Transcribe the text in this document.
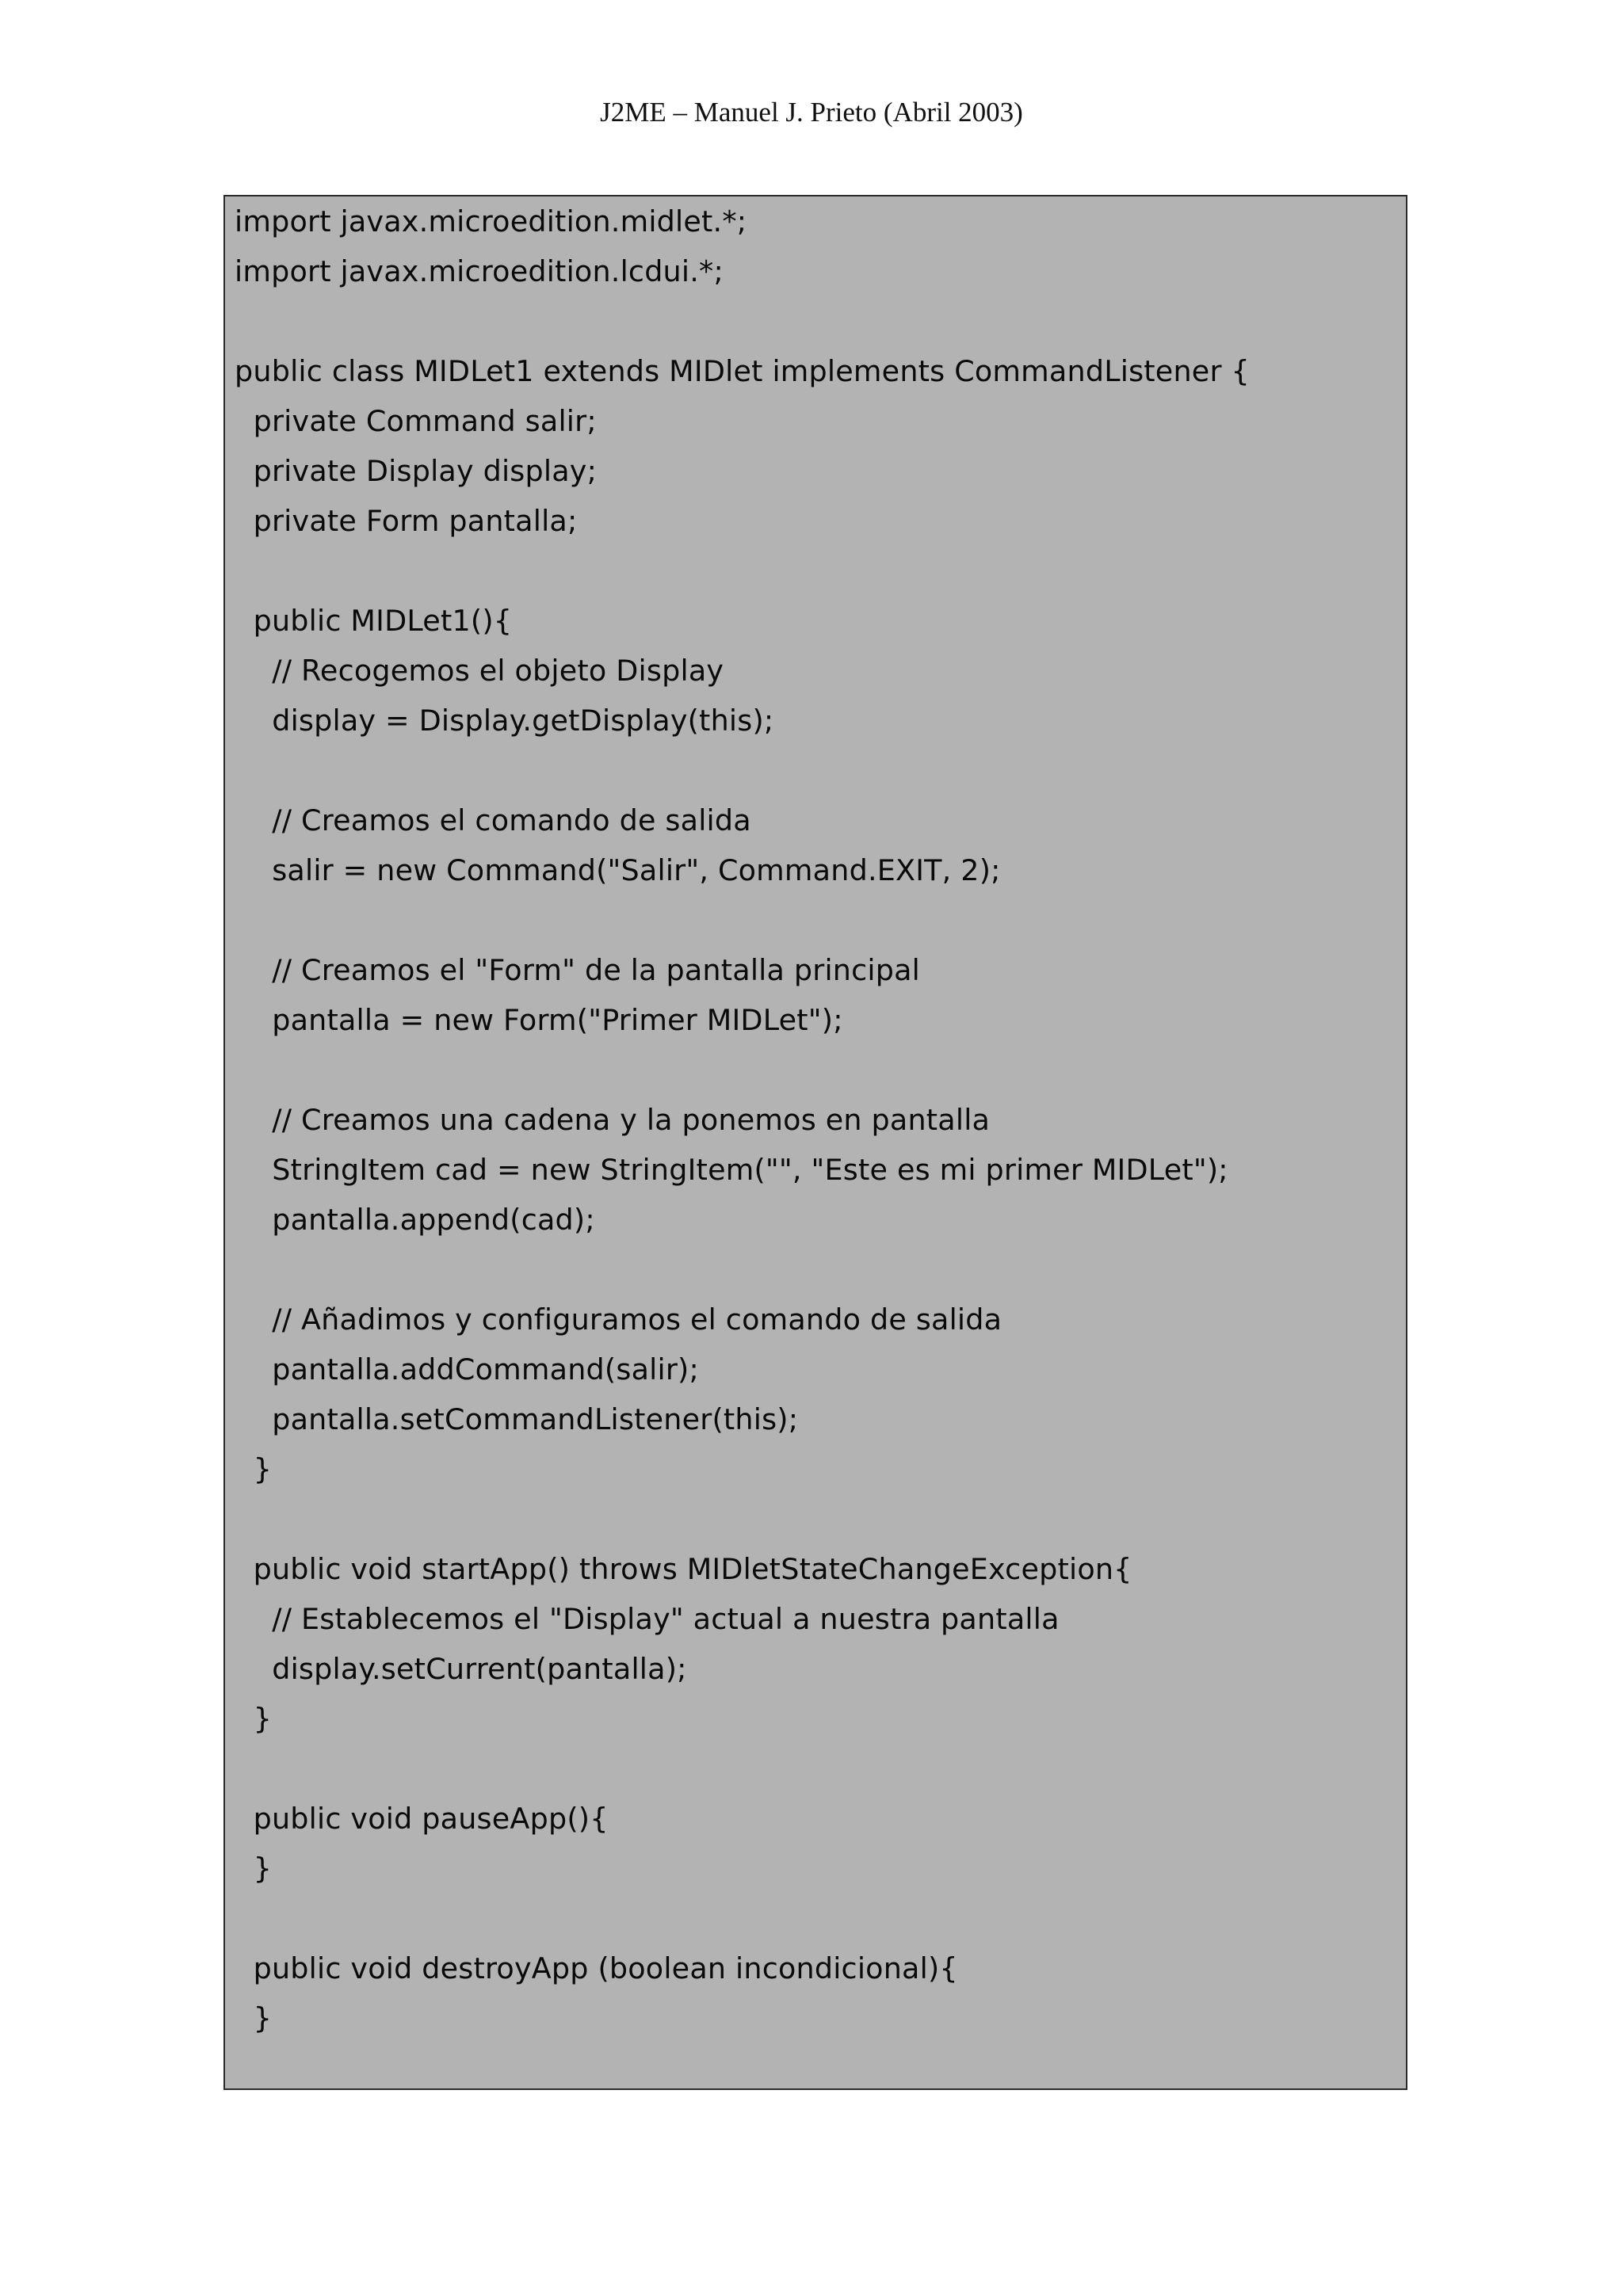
J2ME – Manuel J. Prieto (Abril 2003)
import javax.microedition.midlet.*;
import javax.microedition.lcdui.*;
public class MIDLet1 extends MIDlet implements CommandListener {
private Command salir;
private Display display;
private Form pantalla;
public MIDLet1(){
// Recogemos el objeto Display
display = Display.getDisplay(this);
// Creamos el comando de salida
salir = new Command("Salir", Command.EXIT, 2);
// Creamos el "Form" de la pantalla principal
pantalla = new Form("Primer MIDLet");
// Creamos una cadena y la ponemos en pantalla
StringItem cad = new StringItem("", "Este es mi primer MIDLet");
pantalla.append(cad);
// Añadimos y configuramos el comando de salida
pantalla.addCommand(salir);
pantalla.setCommandListener(this);
}
public void startApp() throws MIDletStateChangeException{
// Establecemos el "Display" actual a nuestra pantalla
display.setCurrent(pantalla);
}
public void pauseApp(){
}
public void destroyApp (boolean incondicional){
}
